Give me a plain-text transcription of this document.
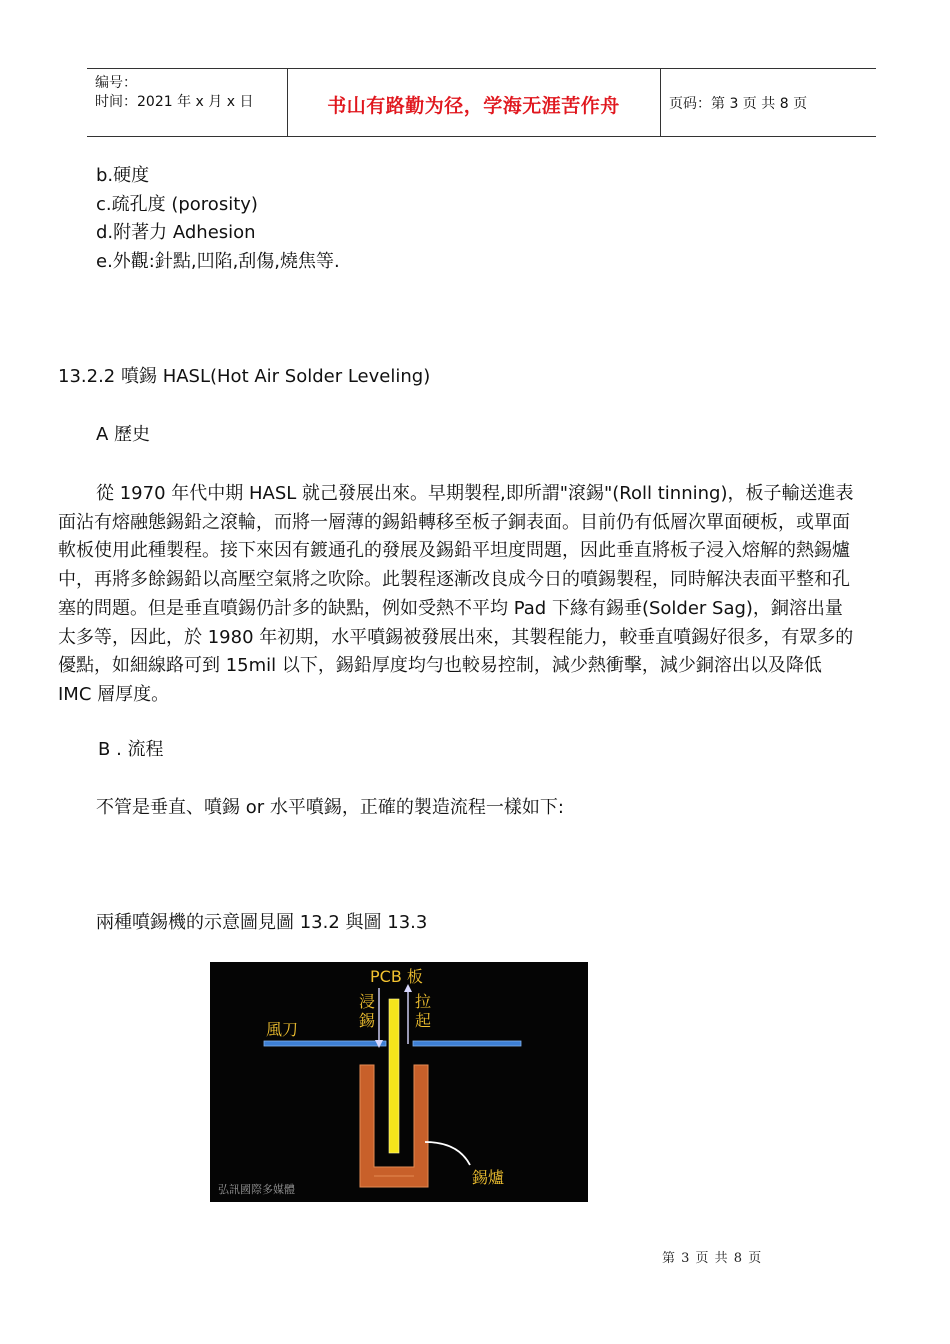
编号：
时间：2021 年 x 月 x 日	书山有路勤为径，学海无涯苦作舟	页码：第 3 页 共 8 页
b.硬度
c.疏孔度 (porosity)
d.附著力 Adhesion
e.外觀:針點,凹陷,刮傷,燒焦等.
13.2.2 噴錫 HASL(Hot Air Solder Leveling)
A 歷史
從 1970 年代中期 HASL 就己發展出來。早期製程,即所謂"滾錫"(Roll tinning)，板子輸送進表
面沾有熔融態錫鉛之滾輪，而將一層薄的錫鉛轉移至板子銅表面。目前仍有低層次單面硬板，或單面
軟板使用此種製程。接下來因有鍍通孔的發展及錫鉛平坦度問題，因此垂直將板子浸入熔解的熱錫爐
中，再將多餘錫鉛以高壓空氣將之吹除。此製程逐漸改良成今日的噴錫製程，同時解決表面平整和孔
塞的問題。但是垂直噴錫仍計多的缺點，例如受熱不平均 Pad 下緣有錫垂(Solder Sag)，銅溶出量
太多等，因此，於 1980 年初期，水平噴錫被發展出來，其製程能力，較垂直噴錫好很多，有眾多的
優點，如細線路可到 15mil 以下，錫鉛厚度均勻也較易控制，減少熱衝擊，減少銅溶出以及降低
IMC 層厚度。
B . 流程
不管是垂直、噴錫 or 水平噴錫，正確的製造流程一樣如下:
兩種噴錫機的示意圖見圖 13.2 與圖 13.3
PCB 板
浸錫
拉起
風刀
錫爐
弘訊國際多媒體
第 3 页 共 8 页
